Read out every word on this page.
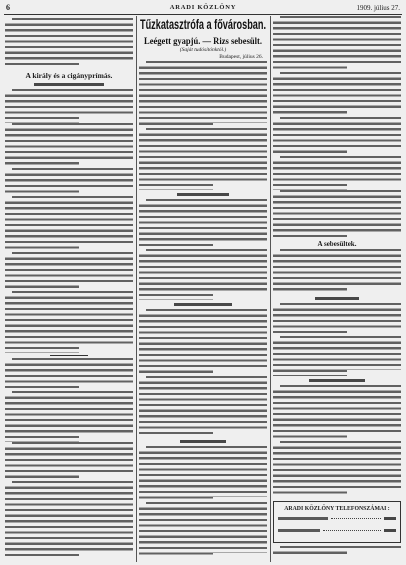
6	ARADI KÖZLÖNY	1909. július 27.
A király és a cigányprímás.
Tűzkatasztrófa a fővárosban.
Leégett gyapjú. — Rizs sebesült.
(Saját tudósítónktól.)
Budapest, július 26.
A sebesültek.
ARADI KÖZLÖNY TELEFONSZÁMAI :
